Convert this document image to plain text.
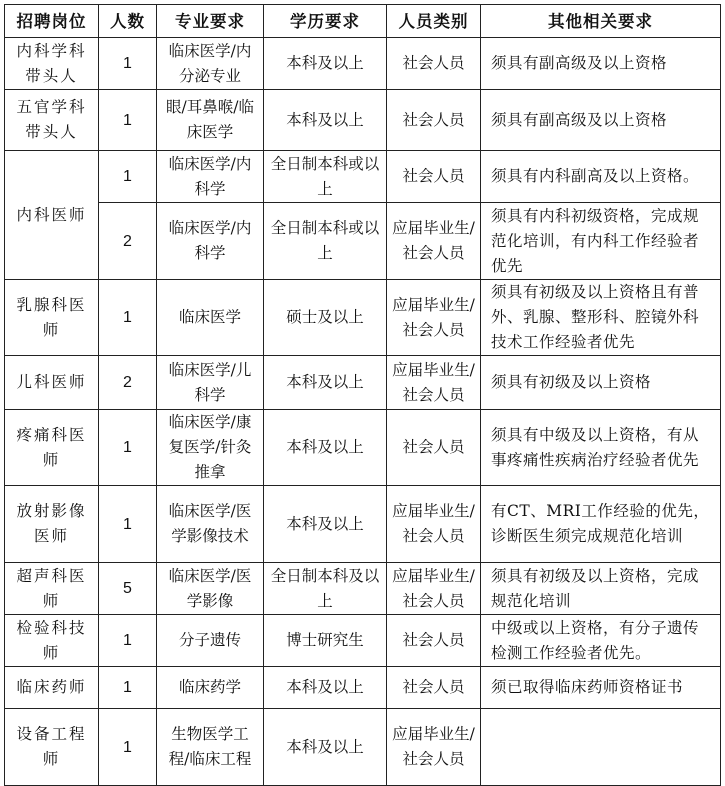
招聘岗位	人数	专业要求	学历要求	人员类别	其他相关要求
内科学科带头人	1	临床医学/内分泌专业	本科及以上	社会人员	须具有副高级及以上资格
五官学科带头人	1	眼/耳鼻喉/临床医学	本科及以上	社会人员	须具有副高级及以上资格
内科医师	1	临床医学/内科学	全日制本科或以上	社会人员	须具有内科副高及以上资格。
	2	临床医学/内科学	全日制本科或以上	应届毕业生/社会人员	须具有内科初级资格，完成规范化培训，有内科工作经验者优先
乳腺科医师	1	临床医学	硕士及以上	应届毕业生/社会人员	须具有初级及以上资格且有普外、乳腺、整形科、腔镜外科技术工作经验者优先
儿科医师	2	临床医学/儿科学	本科及以上	应届毕业生/社会人员	须具有初级及以上资格
疼痛科医师	1	临床医学/康复医学/针灸推拿	本科及以上	社会人员	须具有中级及以上资格，有从事疼痛性疾病治疗经验者优先
放射影像医师	1	临床医学/医学影像技术	本科及以上	应届毕业生/社会人员	有CT、MRI工作经验的优先，诊断医生须完成规范化培训
超声科医师	5	临床医学/医学影像	全日制本科及以上	应届毕业生/社会人员	须具有初级及以上资格，完成规范化培训
检验科技师	1	分子遗传	博士研究生	社会人员	中级或以上资格，有分子遗传检测工作经验者优先。
临床药师	1	临床药学	本科及以上	社会人员	须已取得临床药师资格证书
设备工程师	1	生物医学工程/临床工程	本科及以上	应届毕业生/社会人员	
